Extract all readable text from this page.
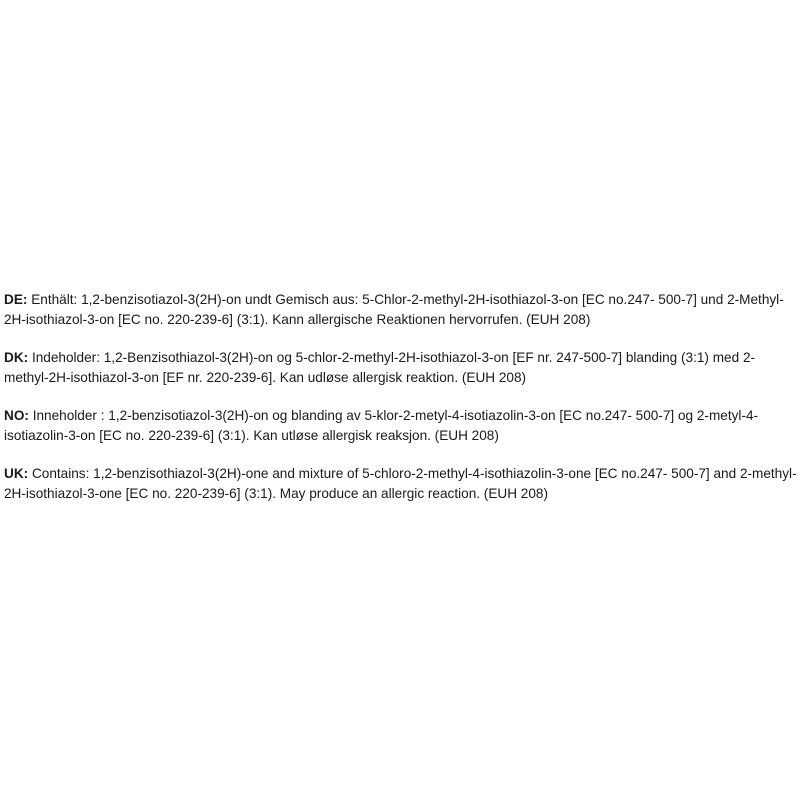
DE: Enthält: 1,2-benzisotiazol-3(2H)-on undt Gemisch aus: 5-Chlor-2-methyl-2H-isothiazol-3-on [EC no.247- 500-7] und 2-Methyl-2H-isothiazol-3-on [EC no. 220-239-6] (3:1). Kann allergische Reaktionen hervorrufen. (EUH 208)

DK: Indeholder: 1,2-Benzisothiazol-3(2H)-on og 5-chlor-2-methyl-2H-isothiazol-3-on [EF nr. 247-500-7] blanding (3:1) med 2-methyl-2H-isothiazol-3-on [EF nr. 220-239-6]. Kan udløse allergisk reaktion. (EUH 208)

NO: Inneholder : 1,2-benzisotiazol-3(2H)-on og blanding av 5-klor-2-metyl-4-isotiazolin-3-on [EC no.247- 500-7] og 2-metyl-4-isotiazolin-3-on [EC no. 220-239-6] (3:1). Kan utløse allergisk reaksjon. (EUH 208)

UK: Contains: 1,2-benzisothiazol-3(2H)-one and mixture of 5-chloro-2-methyl-4-isothiazolin-3-one [EC no.247- 500-7] and 2-methyl-2H-isothiazol-3-one [EC no. 220-239-6] (3:1). May produce an allergic reaction. (EUH 208)
